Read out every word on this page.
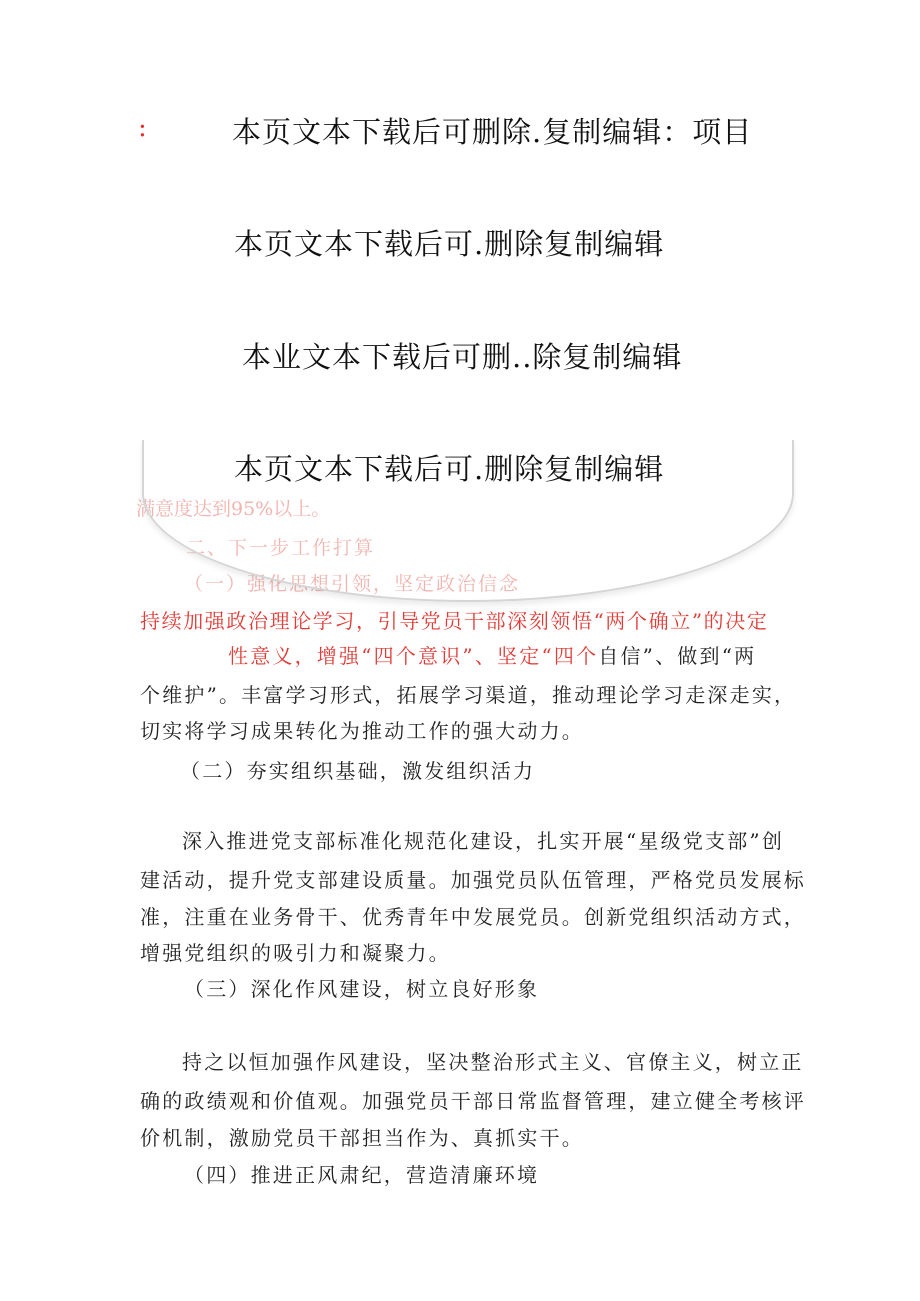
:	本页文本下载后可删除.复制编辑：项目
本页文本下载后可.删除复制编辑
本业文本下载后可删..除复制编辑
本页文本下载后可.删除复制编辑
满意度达到95%以上。
二、下一步工作打算
（一）强化思想引领，坚定政治信念
持续加强政治理论学习，引导党员干部深刻领悟“两个确立”的决定
性意义，增强“四个意识”、坚定“四个自信”、做到“两
个维护”。丰富学习形式，拓展学习渠道，推动理论学习走深走实，
切实将学习成果转化为推动工作的强大动力。
（二）夯实组织基础，激发组织活力
深入推进党支部标准化规范化建设，扎实开展“星级党支部”创
建活动，提升党支部建设质量。加强党员队伍管理，严格党员发展标
准，注重在业务骨干、优秀青年中发展党员。创新党组织活动方式，
增强党组织的吸引力和凝聚力。
（三）深化作风建设，树立良好形象
持之以恒加强作风建设，坚决整治形式主义、官僚主义，树立正
确的政绩观和价值观。加强党员干部日常监督管理，建立健全考核评
价机制，激励党员干部担当作为、真抓实干。
（四）推进正风肃纪，营造清廉环境
